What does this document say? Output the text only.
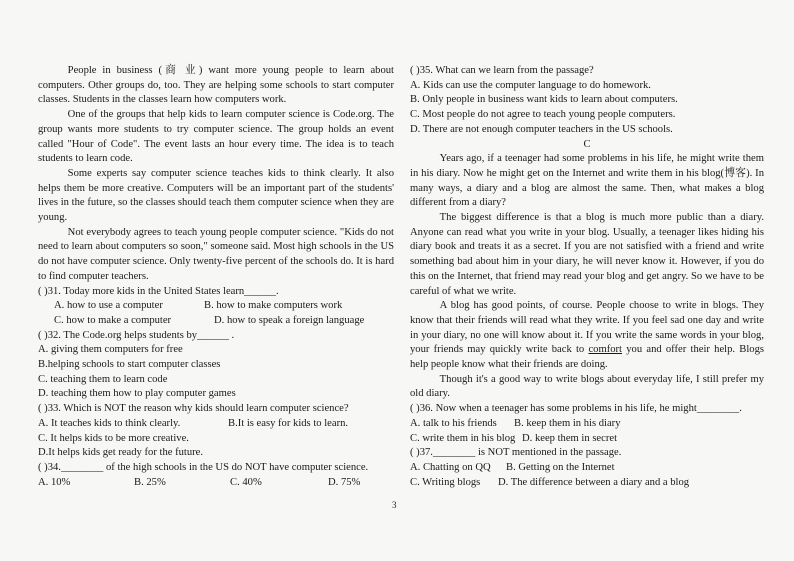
People in business (商 业) want more young people to learn about computers. Other groups do, too. They are helping some schools to start computer classes. Students in the classes learn how computers work.

One of the groups that help kids to learn computer science is Code.org. The group wants more students to try computer science. The group holds an event called "Hour of Code". The event lasts an hour every time. The idea is to teach students to learn code.

Some experts say computer science teaches kids to think clearly. It also helps them be more creative. Computers will be an important part of the students' lives in the future, so the classes should teach them computer science when they are young.

Not everybody agrees to teach young people computer science. "Kids do not need to learn about computers so soon," someone said. Most high schools in the US do not have computer science. Only twenty-five percent of the schools do. It is hard to find computer teachers.

( )31. Today more kids in the United States learn______.

A. how to use a computer	B. how to make computers work
C. how to make a computer	D. how to speak a foreign language

( )32. The Code.org helps students by______ .

A. giving them computers for free

B.helping schools to start computer classes

C. teaching them to learn code

D. teaching them how to play computer games

( )33. Which is NOT the reason why kids should learn computer science?

A. It teaches kids to think clearly.	B.It is easy for kids to learn.

C. It helps kids to be more creative.

D.It helps kids get ready for the future.

( )34.________ of the high schools in the US do NOT have computer science.

A. 10%	B. 25%	C. 40%	D. 75%

( )35. What can we learn from the passage?

A. Kids can use the computer language to do homework.

B. Only people in business want kids to learn about computers.

C. Most people do not agree to teach young people computers.

D. There are not enough computer teachers in the US schools.

C

Years ago, if a teenager had some problems in his life, he might write them in his diary. Now he might get on the Internet and write them in his blog(博客). In many ways, a diary and a blog are almost the same. Then, what makes a blog different from a diary?

The biggest difference is that a blog is much more public than a diary. Anyone can read what you write in your blog. Usually, a teenager likes hiding his diary book and treats it as a secret. If you are not satisfied with a friend and write something bad about him in your diary, he will never know it. However, if you do this on the Internet, that friend may read your blog and get angry. So we have to be careful of what we write.

A blog has good points, of course. People choose to write in blogs. They know that their friends will read what they write. If you feel sad one day and write in your diary, no one will know about it. If you write the same words in your blog, your friends may quickly write back to comfort you and offer their help. Blogs help people know what their friends are doing.

Though it's a good way to write blogs about everyday life, I still prefer my old diary.

( )36. Now when a teenager has some problems in his life, he might________.

A. talk to his friends	B. keep them in his diary
C. write them in his blog D. keep them in secret

( )37.________ is NOT mentioned in the passage.

A. Chatting on QQ	B. Getting on the Internet
C. Writing blogs	D. The difference between a diary and a blog
3
